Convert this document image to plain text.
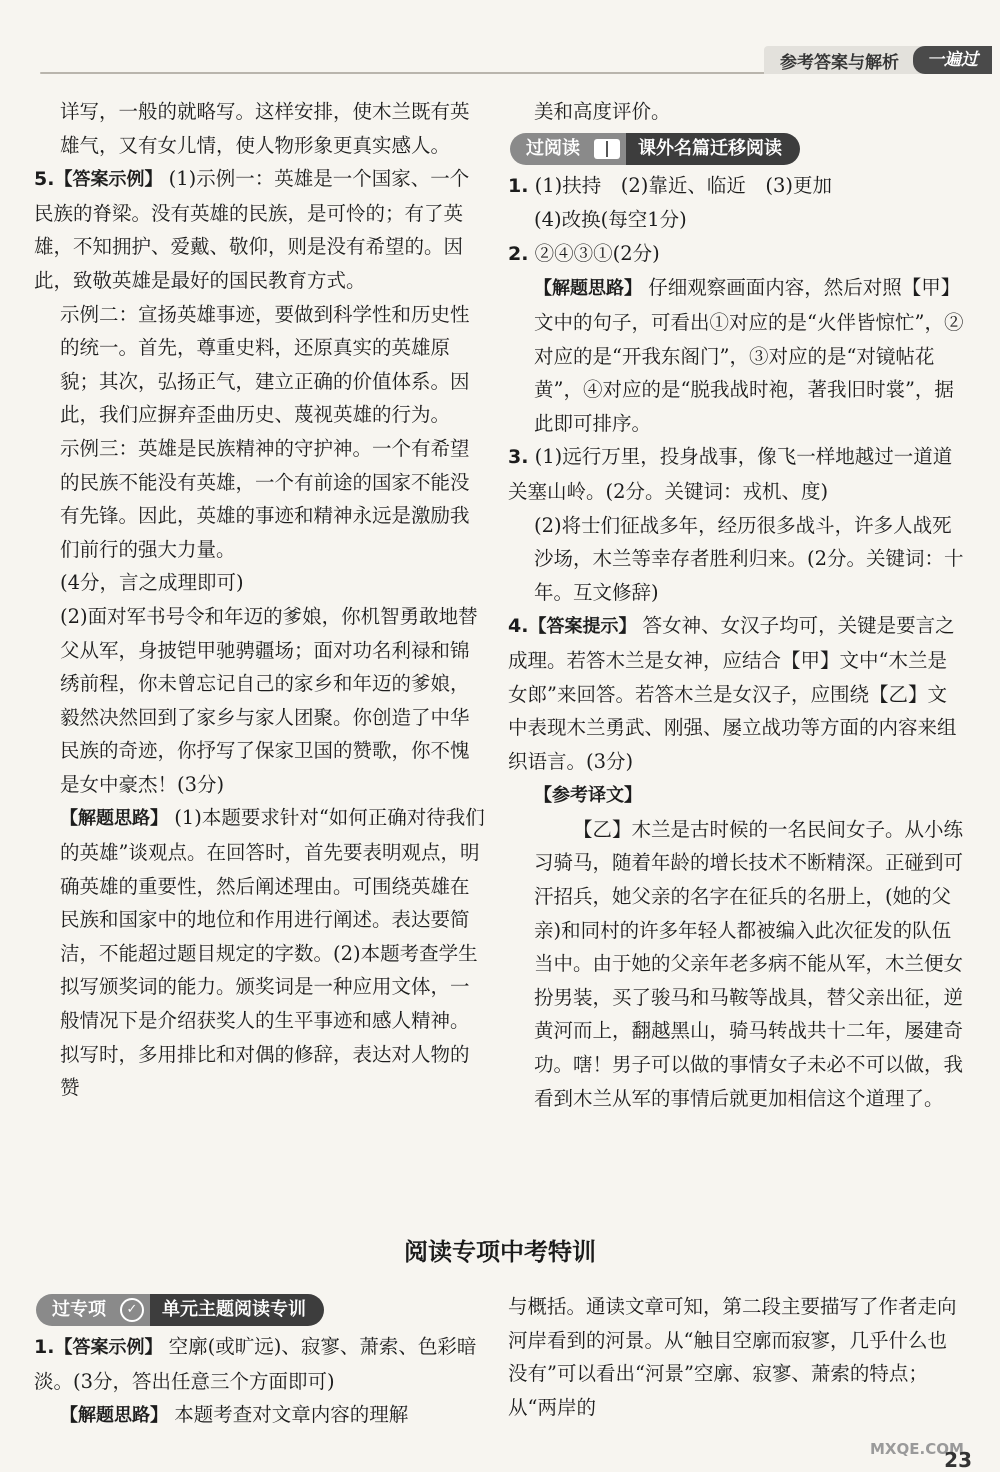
参考答案与解析	一遍过

详写，一般的就略写。这样安排，使木兰既有英雄气，又有女儿情，使人物形象更真实感人。

5.【答案示例】 (1)示例一：英雄是一个国家、一个民族的脊梁。没有英雄的民族，是可怜的；有了英雄，不知拥护、爱戴、敬仰，则是没有希望的。因此，致敬英雄是最好的国民教育方式。

示例二：宣扬英雄事迹，要做到科学性和历史性的统一。首先，尊重史料，还原真实的英雄原貌；其次，弘扬正气，建立正确的价值体系。因此，我们应摒弃歪曲历史、蔑视英雄的行为。

示例三：英雄是民族精神的守护神。一个有希望的民族不能没有英雄，一个有前途的国家不能没有先锋。因此，英雄的事迹和精神永远是激励我们前行的强大力量。

(4分，言之成理即可)

(2)面对军书号令和年迈的爹娘，你机智勇敢地替父从军，身披铠甲驰骋疆场；面对功名利禄和锦绣前程，你未曾忘记自己的家乡和年迈的爹娘，毅然决然回到了家乡与家人团聚。你创造了中华民族的奇迹，你抒写了保家卫国的赞歌，你不愧是女中豪杰！(3分)

【解题思路】 (1)本题要求针对“如何正确对待我们的英雄”谈观点。在回答时，首先要表明观点，明确英雄的重要性，然后阐述理由。可围绕英雄在民族和国家中的地位和作用进行阐述。表达要简洁，不能超过题目规定的字数。(2)本题考查学生拟写颁奖词的能力。颁奖词是一种应用文体，一般情况下是介绍获奖人的生平事迹和感人精神。拟写时，多用排比和对偶的修辞，表达对人物的赞

美和高度评价。

过阅读	课外名篇迁移阅读

1. (1)扶持　(2)靠近、临近　(3)更加

(4)改换(每空1分)

2. ②④③①(2分)

【解题思路】 仔细观察画面内容，然后对照【甲】文中的句子，可看出①对应的是“火伴皆惊忙”，②对应的是“开我东阁门”，③对应的是“对镜帖花黄”，④对应的是“脱我战时袍，著我旧时裳”，据此即可排序。

3. (1)远行万里，投身战事，像飞一样地越过一道道关塞山岭。(2分。关键词：戎机、度)

(2)将士们征战多年，经历很多战斗，许多人战死沙场，木兰等幸存者胜利归来。(2分。关键词：十年。互文修辞)

4.【答案提示】 答女神、女汉子均可，关键是要言之成理。若答木兰是女神，应结合【甲】文中“木兰是女郎”来回答。若答木兰是女汉子，应围绕【乙】文中表现木兰勇武、刚强、屡立战功等方面的内容来组织语言。(3分)

【参考译文】

【乙】木兰是古时候的一名民间女子。从小练习骑马，随着年龄的增长技术不断精深。正碰到可汗招兵，她父亲的名字在征兵的名册上，(她的父亲)和同村的许多年轻人都被编入此次征发的队伍当中。由于她的父亲年老多病不能从军，木兰便女扮男装，买了骏马和马鞍等战具，替父亲出征，逆黄河而上，翻越黑山，骑马转战共十二年，屡建奇功。嗐！男子可以做的事情女子未必不可以做，我看到木兰从军的事情后就更加相信这个道理了。

阅读专项中考特训
过专项	✓	单元主题阅读专训

1.【答案示例】 空廓(或旷远)、寂寥、萧索、色彩暗淡。(3分，答出任意三个方面即可)

【解题思路】 本题考查对文章内容的理解

与概括。通读文章可知，第二段主要描写了作者走向河岸看到的河景。从“触目空廓而寂寥，几乎什么也没有”可以看出“河景”空廓、寂寥、萧索的特点；从“两岸的

MXQE.COM
23
